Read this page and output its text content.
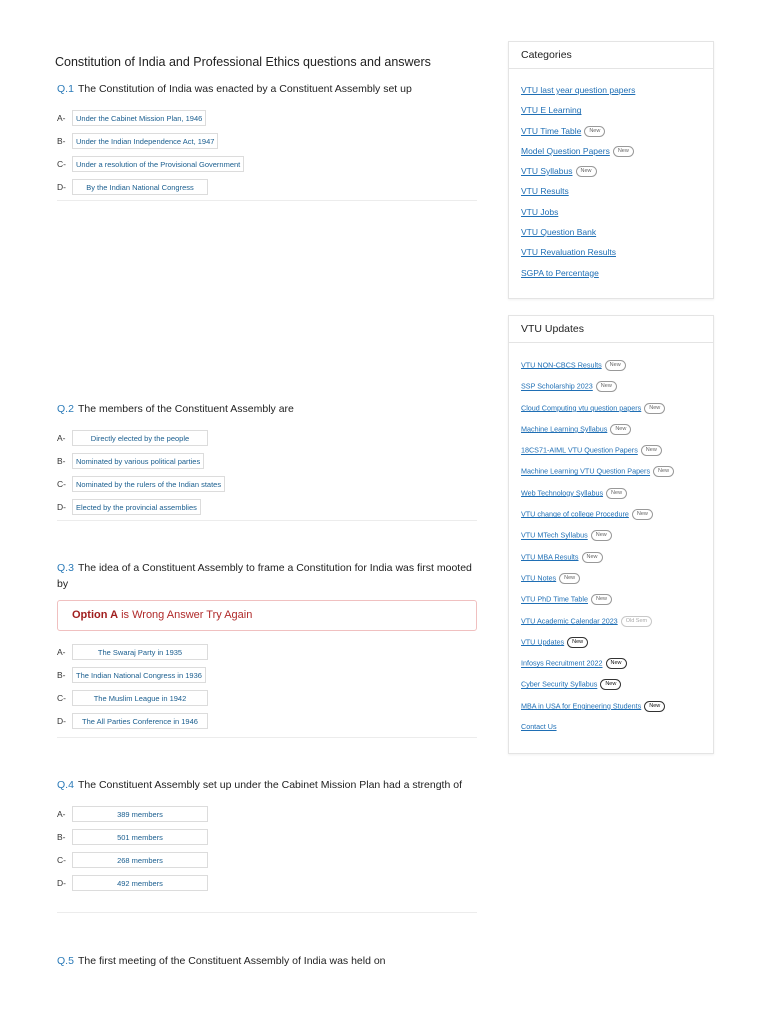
Constitution of India and Professional Ethics questions and answers
Q.1 The Constitution of India was enacted by a Constituent Assembly set up
A-	Under the Cabinet Mission Plan, 1946
B-	Under the Indian Independence Act, 1947
C-	Under a resolution of the Provisional Government
D-	By the Indian National Congress
Q.2 The members of the Constituent Assembly are
A-	Directly elected by the people
B-	Nominated by various political parties
C-	Nominated by the rulers of the Indian states
D-	Elected by the provincial assemblies
Q.3 The idea of a Constituent Assembly to frame a Constitution for India was first mooted by
Option A is Wrong Answer Try Again
A-	The Swaraj Party in 1935
B-	The Indian National Congress in 1936
C-	The Muslim League in 1942
D-	The All Parties Conference in 1946
Q.4 The Constituent Assembly set up under the Cabinet Mission Plan had a strength of
A-	389 members
B-	501 members
C-	268 members
D-	492 members
Q.5 The first meeting of the Constituent Assembly of India was held on
Categories
VTU last year question papers
VTU E Learning
VTU Time Table New
Model Question Papers New
VTU Syllabus New
VTU Results
VTU Jobs
VTU Question Bank
VTU Revaluation Results
SGPA to Percentage
VTU Updates
VTU NON-CBCS Results New
SSP Scholarship 2023 New
Cloud Computing vtu question papers New
Machine Learning Syllabus New
18CS71-AIML VTU Question Papers New
Machine Learning VTU Question Papers New
Web Technology Syllabus New
VTU change of college Procedure New
VTU MTech Syllabus New
VTU MBA Results New
VTU Notes New
VTU PhD Time Table New
VTU Academic Calendar 2023 Old Sem
VTU Updates New
Infosys Recruitment 2022 New
Cyber Security Syllabus New
MBA in USA for Engineering Students New
Contact Us
